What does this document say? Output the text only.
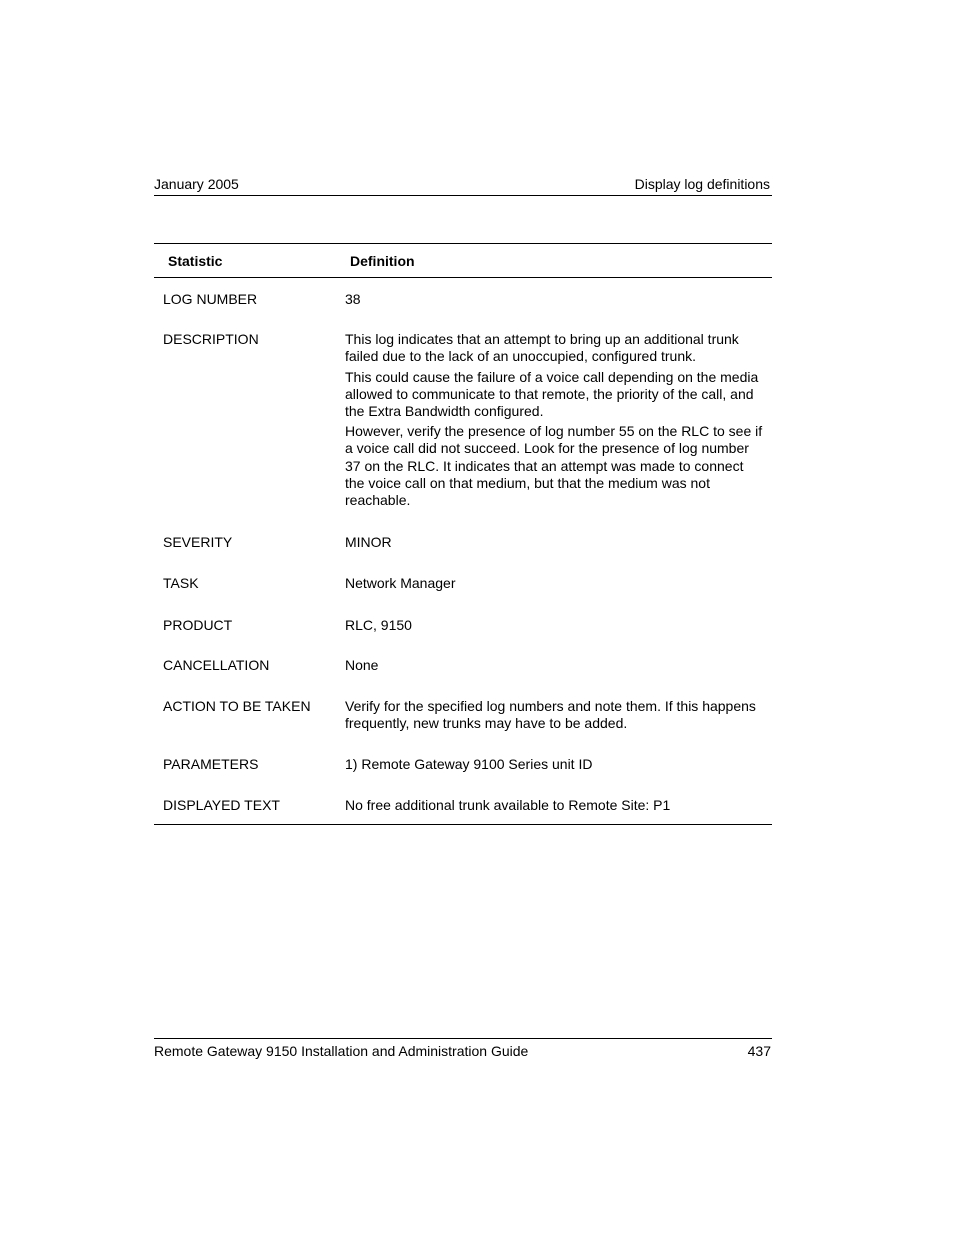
January 2005	Display log definitions
Statistic	Definition
LOG NUMBER	38

DESCRIPTION	This log indicates that an attempt to bring up an additional trunk failed due to the lack of an unoccupied, configured trunk.

This could cause the failure of a voice call depending on the media allowed to communicate to that remote, the priority of the call, and the Extra Bandwidth configured.

However, verify the presence of log number 55 on the RLC to see if a voice call did not succeed. Look for the presence of log number 37 on the RLC. It indicates that an attempt was made to connect the voice call on that medium, but that the medium was not reachable.

SEVERITY	MINOR

TASK	Network Manager

PRODUCT	RLC, 9150

CANCELLATION	None

ACTION TO BE TAKEN	Verify for the specified log numbers and note them. If this happens frequently, new trunks may have to be added.

PARAMETERS	1) Remote Gateway 9100 Series unit ID

DISPLAYED TEXT	No free additional trunk available to Remote Site: P1

Remote Gateway 9150 Installation and Administration Guide	437
